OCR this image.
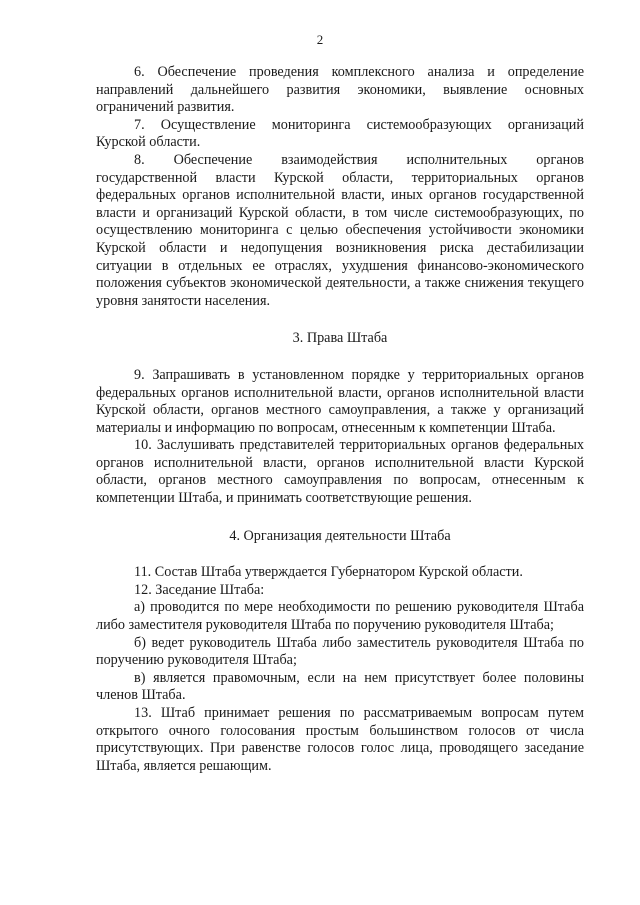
2

6. Обеспечение проведения комплексного анализа и определение направлений дальнейшего развития экономики, выявление основных ограничений развития.

7. Осуществление мониторинга системообразующих организаций Курской области.

8. Обеспечение взаимодействия исполнительных органов государственной власти Курской области, территориальных органов федеральных органов исполнительной власти, иных органов государственной власти и организаций Курской области, в том числе системообразующих, по осуществлению мониторинга с целью обеспечения устойчивости экономики Курской области и недопущения возникновения риска дестабилизации ситуации в отдельных ее отраслях, ухудшения финансово-экономического положения субъектов экономической деятельности, а также снижения текущего уровня занятости населения.

3. Права Штаба

9. Запрашивать в установленном порядке у территориальных органов федеральных органов исполнительной власти, органов исполнительной власти Курской области, органов местного самоуправления, а также у организаций материалы и информацию по вопросам, отнесенным к компетенции Штаба.

10. Заслушивать представителей территориальных органов федеральных органов исполнительной власти, органов исполнительной власти Курской области, органов местного самоуправления по вопросам, отнесенным к компетенции Штаба, и принимать соответствующие решения.

4. Организация деятельности Штаба

11. Состав Штаба утверждается Губернатором Курской области.

12. Заседание Штаба:

а) проводится по мере необходимости по решению руководителя Штаба либо заместителя руководителя Штаба по поручению руководителя Штаба;

б) ведет руководитель Штаба либо заместитель руководителя Штаба по поручению руководителя Штаба;

в) является правомочным, если на нем присутствует более половины членов Штаба.

13. Штаб принимает решения по рассматриваемым вопросам путем открытого очного голосования простым большинством голосов от числа присутствующих. При равенстве голосов голос лица, проводящего заседание Штаба, является решающим.
